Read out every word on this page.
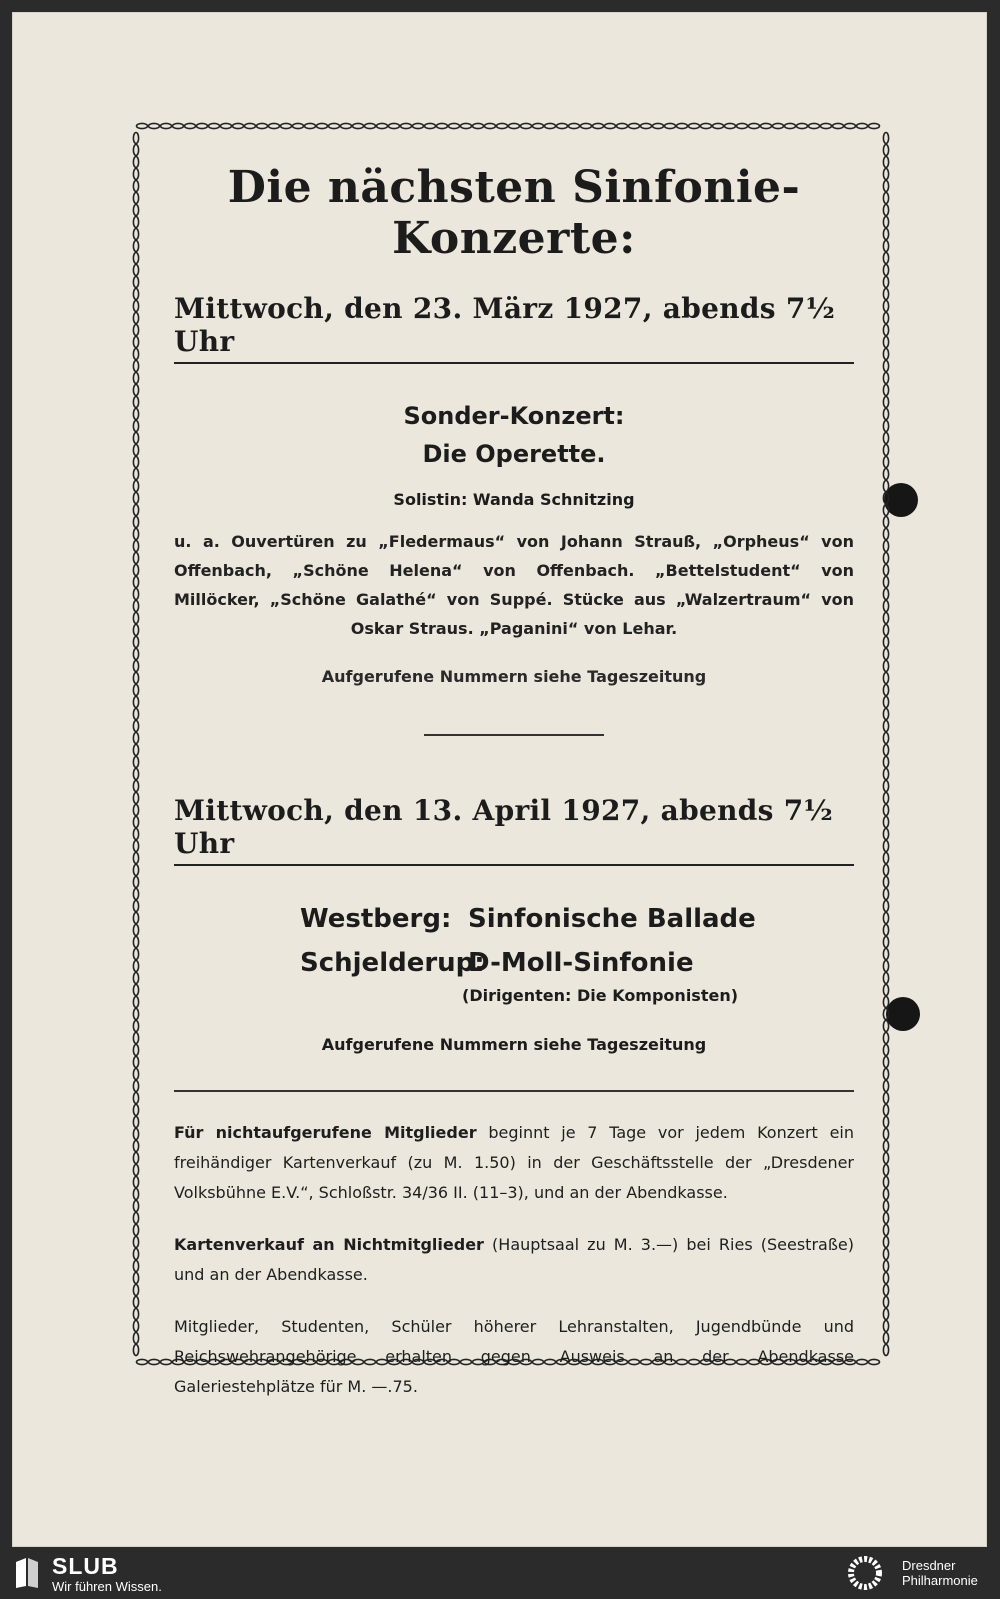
Die nächsten Sinfonie-Konzerte:
Mittwoch, den 23. März 1927, abends 7½ Uhr
Sonder-Konzert:
Die Operette.
Solistin: Wanda Schnitzing
u. a. Ouvertüren zu „Fledermaus“ von Johann Strauß, „Orpheus“ von Offenbach, „Schöne Helena“ von Offenbach. „Bettelstudent“ von Millöcker, „Schöne Galathé“ von Suppé. Stücke aus „Walzertraum“ von Oskar Straus. „Paganini“ von Lehar.
Aufgerufene Nummern siehe Tageszeitung
Mittwoch, den 13. April 1927, abends 7½ Uhr
Westberg: Sinfonische Ballade
Schjelderup:
D-Moll-Sinfonie
(Dirigenten: Die Komponisten)
Aufgerufene Nummern siehe Tageszeitung
Für nichtaufgerufene Mitglieder beginnt je 7 Tage vor jedem Konzert ein freihändiger Kartenverkauf (zu M. 1.50) in der Geschäftsstelle der „Dresdener Volksbühne E.V.“, Schloßstr. 34/36 II. (11–3), und an der Abendkasse.
Kartenverkauf an Nichtmitglieder (Hauptsaal zu M. 3.—) bei Ries (Seestraße) und an der Abendkasse.
Mitglieder, Studenten, Schüler höherer Lehranstalten, Jugendbünde und Reichswehrangehörige erhalten gegen Ausweis an der Abendkasse Galeriestehplätze für M. —.75.
SLUB
Wir führen Wissen.
Dresdner
Philharmonie
